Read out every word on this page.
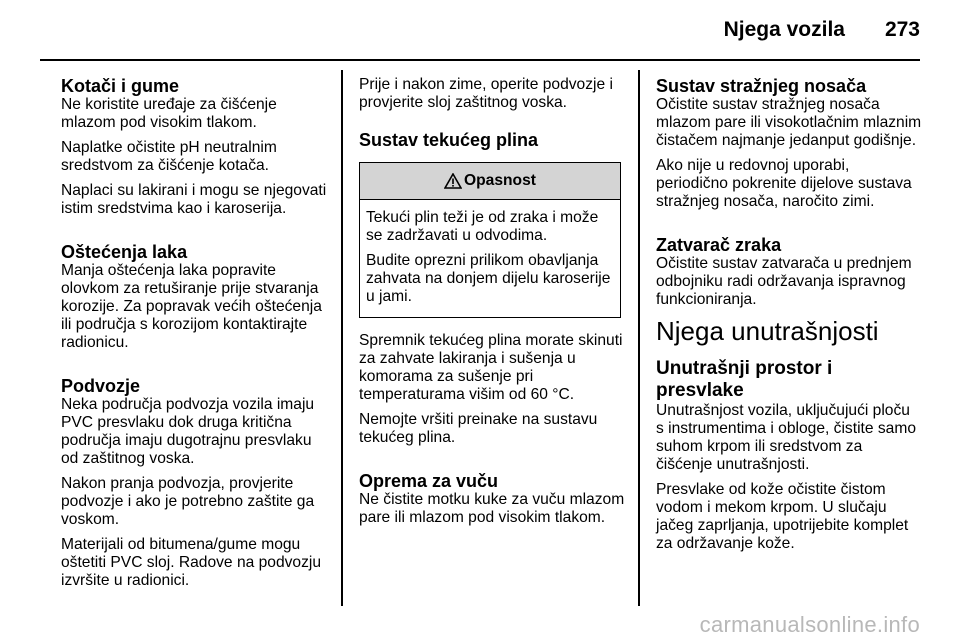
Njega vozila 273
Kotači i gume

Ne koristite uređaje za čišćenje mlazom pod visokim tlakom.

Naplatke očistite pH neutralnim sredstvom za čišćenje kotača.

Naplaci su lakirani i mogu se njegovati istim sredstvima kao i karoserija.

Oštećenja laka

Manja oštećenja laka popravite olovkom za retuširanje prije stvaranja korozije. Za popravak većih oštećenja ili područja s korozijom kontaktirajte radionicu.

Podvozje

Neka područja podvozja vozila imaju PVC presvlaku dok druga kritična područja imaju dugotrajnu presvlaku od zaštitnog voska.

Nakon pranja podvozja, provjerite podvozje i ako je potrebno zaštite ga voskom.

Materijali od bitumena/gume mogu oštetiti PVC sloj. Radove na podvozju izvršite u radionici.

Prije i nakon zime, operite podvozje i provjerite sloj zaštitnog voska.

Sustav tekućeg plina
Opasnost

Tekući plin teži je od zraka i može se zadržavati u odvodima.

Budite oprezni prilikom obavljanja zahvata na donjem dijelu karoserije u jami.

Spremnik tekućeg plina morate skinuti za zahvate lakiranja i sušenja u komorama za sušenje pri temperaturama višim od 60 °C.

Nemojte vršiti preinake na sustavu tekućeg plina.

Oprema za vuču

Ne čistite motku kuke za vuču mlazom pare ili mlazom pod visokim tlakom.

Sustav stražnjeg nosača

Očistite sustav stražnjeg nosača mlazom pare ili visokotlačnim mlaznim čistačem najmanje jedanput godišnje.

Ako nije u redovnoj uporabi, periodično pokrenite dijelove sustava stražnjeg nosača, naročito zimi.

Zatvarač zraka

Očistite sustav zatvarača u prednjem odbojniku radi održavanja ispravnog funkcioniranja.

Njega unutrašnjosti
Unutrašnji prostor i presvlake

Unutrašnjost vozila, uključujući ploču s instrumentima i obloge, čistite samo suhom krpom ili sredstvom za čišćenje unutrašnjosti.

Presvlake od kože očistite čistom vodom i mekom krpom. U slučaju jačeg zaprljanja, upotrijebite komplet za održavanje kože.

carmanualsonline.info
